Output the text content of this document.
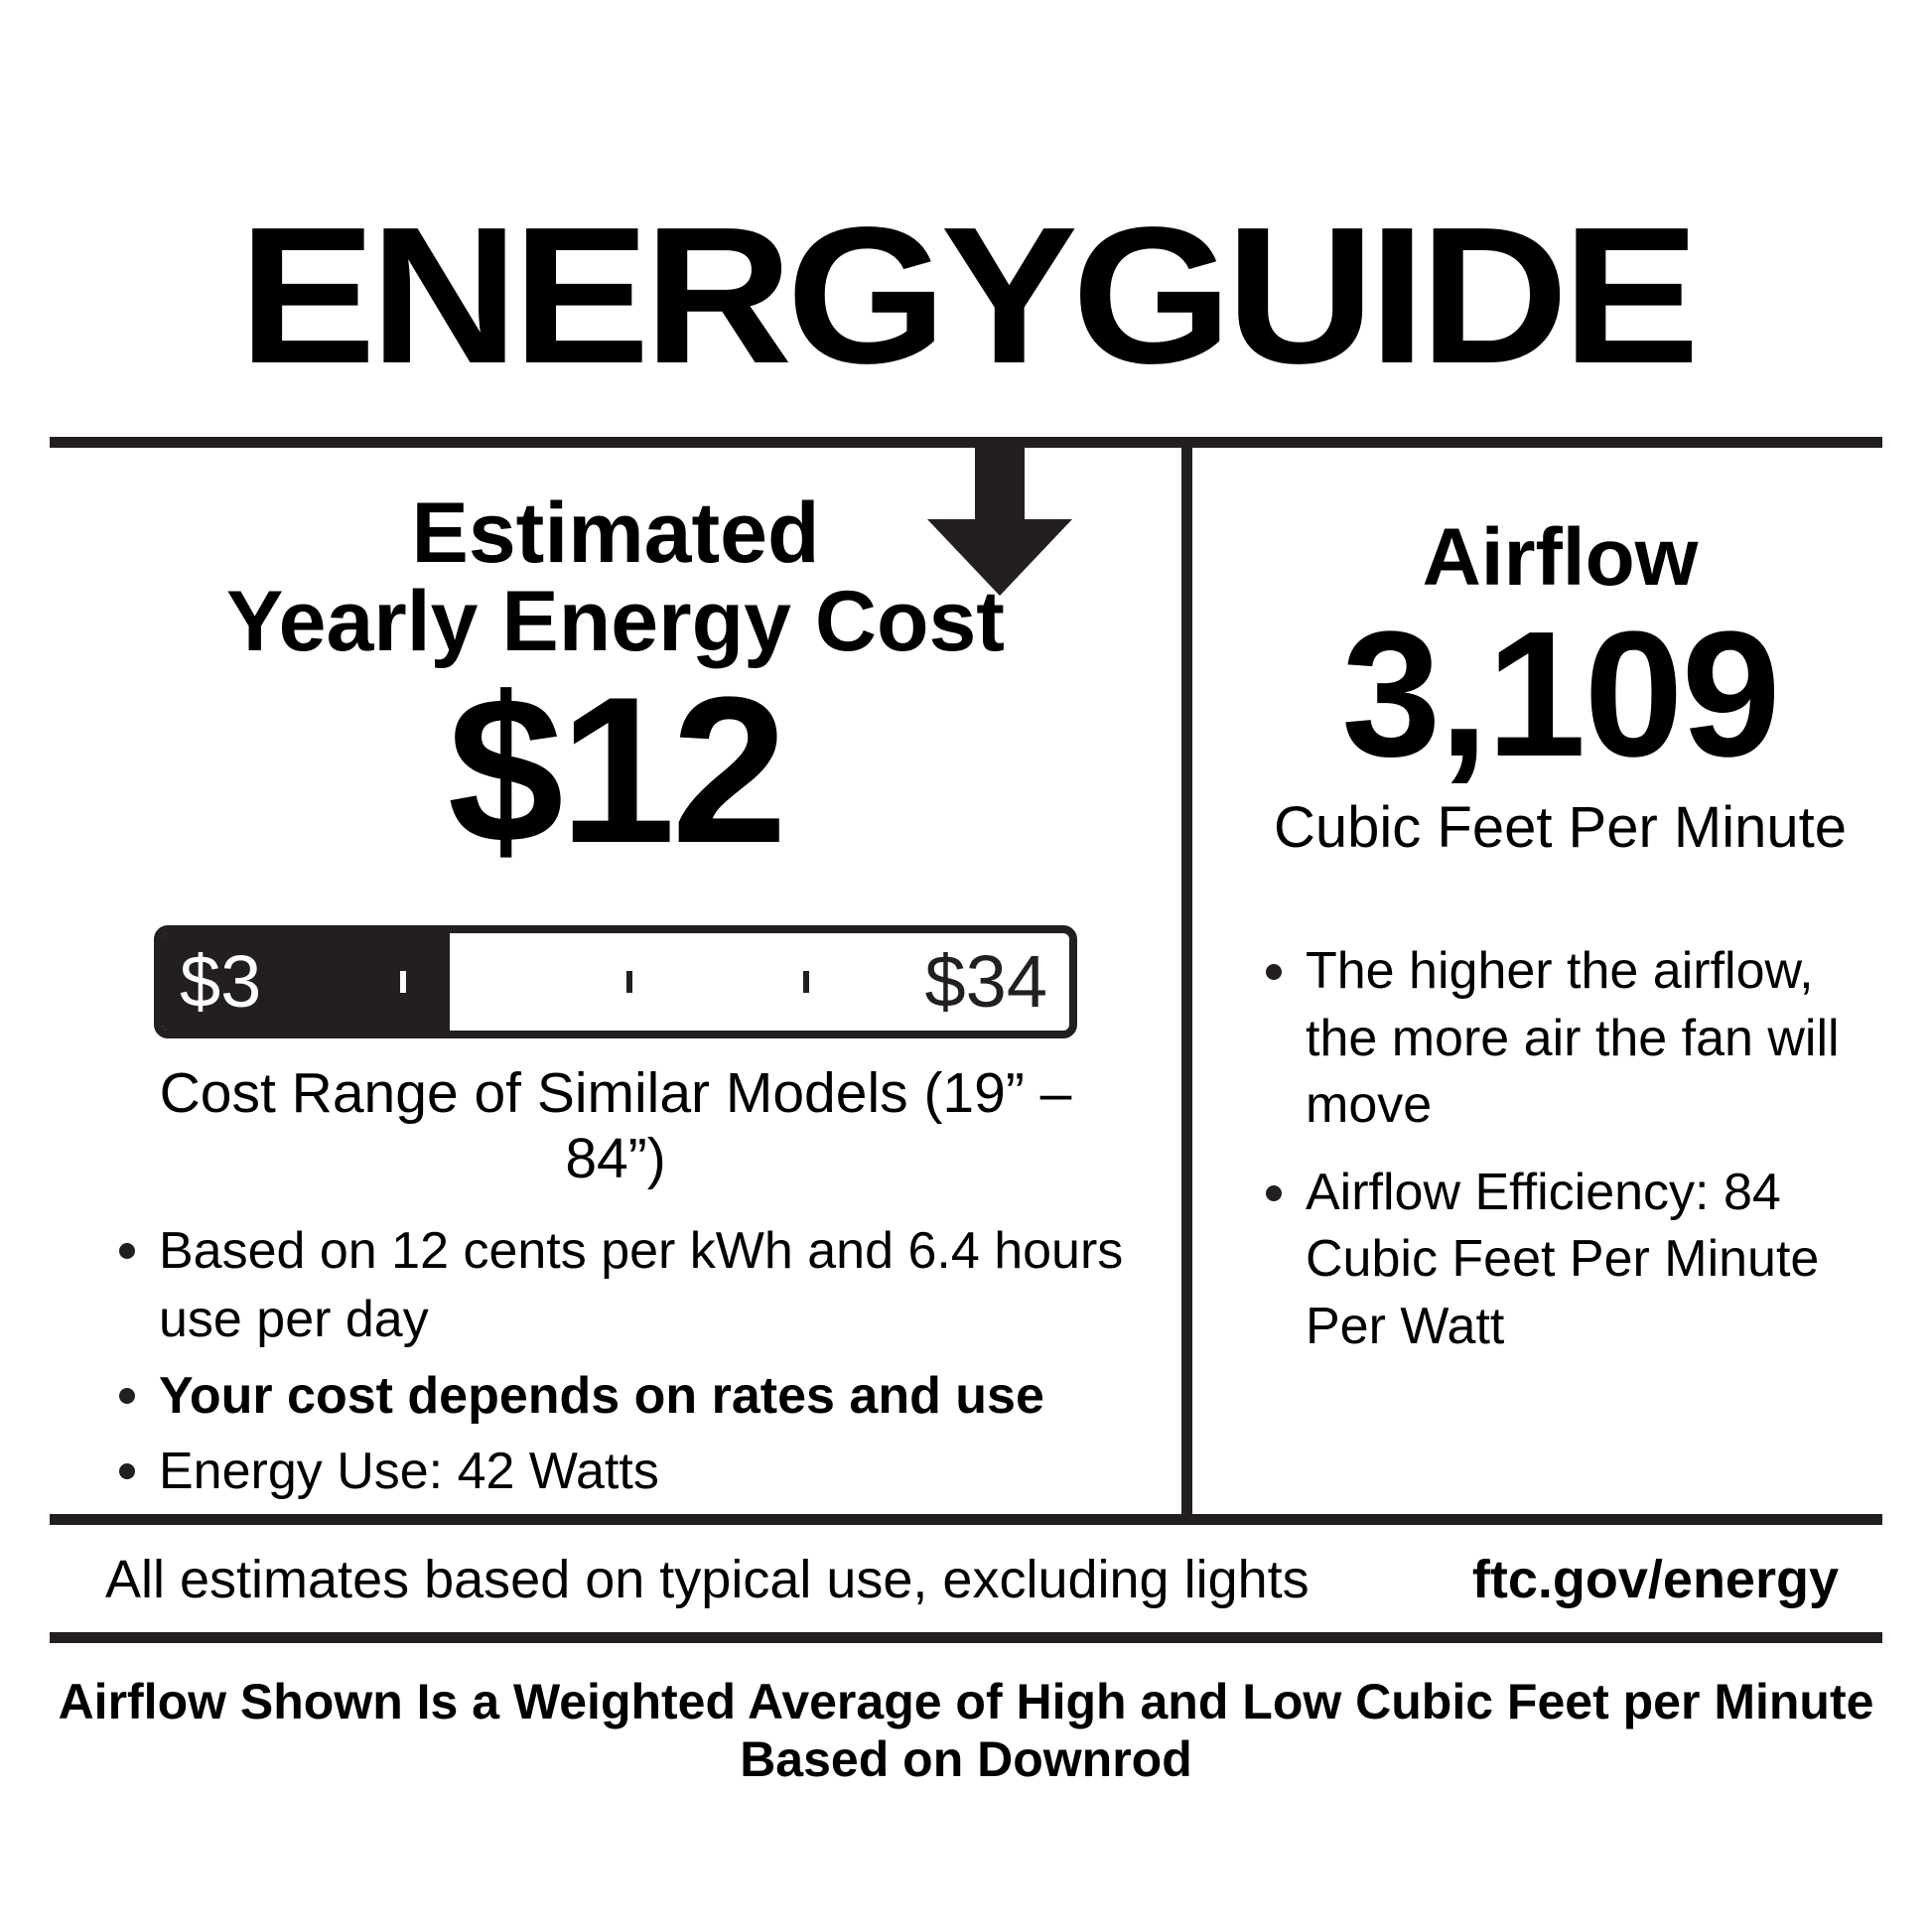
ENERGYGUIDE
Estimated
Yearly Energy Cost
$12
$3	$34
Cost Range of Similar Models (19” – 84”)
Based on 12 cents per kWh and 6.4 hours use per day
Your cost depends on rates and use
Energy Use: 42 Watts
Airflow
3,109
Cubic Feet Per Minute
The higher the airflow, the more air the fan will move
Airflow Efficiency: 84 Cubic Feet Per Minute Per Watt
All estimates based on typical use, excluding lights	ftc.gov/energy
Airflow Shown Is a Weighted Average of High and Low Cubic Feet per Minute Based on Downrod
